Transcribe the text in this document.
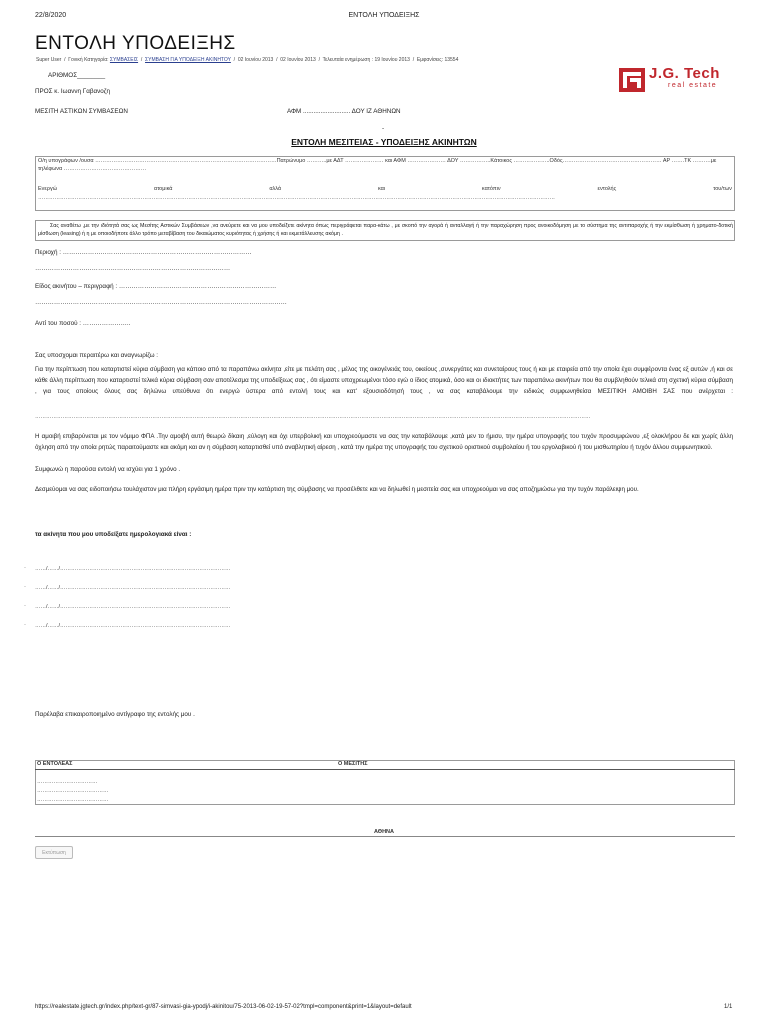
22/8/2020	ΕΝΤΟΛΗ ΥΠΟΔΕΙΞΗΣ
ΕΝΤΟΛΗ ΥΠΟΔΕΙΞΗΣ
Super User / Γονική Κατηγορία: ΣΥΜΒΑΣΕΙΣ / ΣΥΜΒΑΣΗ ΓΙΑ ΥΠΟΔΕΙΞΗ ΑΚΙΝΗΤΟΥ / 02 Ιουνίου 2013 / 02 Ιουνίου 2013 / Τελευταία ενημέρωση : 19 Ιουνίου 2013 / Εμφανίσεις: 13554
J.G. Tech
real estate
ΑΡΙΘΜΟΣ________
ΠΡΟΣ κ. Ιωαννη Γαβανοζη
ΜΕΣΙΤΗ ΑΣΤΙΚΩΝ ΣΥΜΒΑΣΕΩΝ	ΑΦΜ ........................... ΔΟΥ ΙΖ ΑΘΗΝΩΝ
-
ΕΝΤΟΛΗ ΜΕΣΙΤΕΙΑΣ - ΥΠΟΔΕΙΞΗΣ ΑΚΙΝΗΤΩΝ
Ο/η υπογράφων /ουσα ………………………………………………………………………………………Πατρώνυμο ………..με ΑΔΤ ………………… και ΑΦΜ ………………… ΔΟΥ ……………..Κάτοικος ………………..Οδός……………………………………………… ΑΡ …….ΤΚ ……….με
τηλέφωνα ………………………………………
Ενεργώ	ατομικά	αλλά	και	κατόπιν	εντολής	του/των
…………………………………………………………………………………………………………………………………………………………………………………………………………………………………………………………
Σας αναθέτω ,με την ιδιότητά σας ως Μεσίτης Αστικών Συμβάσεων ,να ανεύρετε και να μου υποδείξετε ακίνητα όπως περιγράφεται παρα-κάτω , με σκοπό την αγορά ή ανταλλαγή ή την παραχώρηση προς ανοικοδόμηση με το σύστημα της αντιπαροχής ή την εκμίσθωση ή χρηματο-δοτική μίσθωση (leasing) ή η με οποιοδήποτε άλλο τρόπο μεταβίβαση του δικαιώματος κυριότητας ή χρήσης ή και εκμετάλλευσης ακόμη .
Περιοχή : ………………………………………………………………………………
…………………………………………………………………………………
Είδος ακινήτου – περιγραφή : …………………………………………………………………
…………………………………………………………………………………………………………
Αντί του ποσού : …………………..
Σας υποσχομαι περαιτέρω και αναγνωρίζω :
Για την περίπτωση που καταρτιστεί κύρια σύμβαση για κάποιο από τα παραπάνω ακίνητα ,είτε με πελάτη σας , μέλος της οικογένειάς του, οικείους ,συνεργάτες και συνεταίρους τους ή και με εταιρεία από την οποία έχει συμφέροντα ένας εξ αυτών ,ή και σε κάθε άλλη περίπτωση που καταρτιστεί τελικά κύρια σύμβαση σαν αποτέλεσμα της υποδείξεως σας , ότι είμαστε υποχρεωμένοι τόσο εγώ ο ίδιος ατομικά, όσο και οι ιδιοκτήτες των παραπάνω ακινήτων που θα συμβληθούν τελικά στη σχετική κύρια σύμβαση , για τους οποίους όλους σας δηλώνω υπεύθυνα ότι ενεργώ ύστερα από εντολή τους και κατ' εξουσιοδότησή τους , να σας καταβάλουμε την ειδικώς συμφωνηθείσα ΜΕΣΙΤΙΚΗ ΑΜΟΙΒΗ ΣΑΣ που ανέρχεται :
……………………………………………………………………………………………………………………………………………………………………………………………………………………………………………………………………………
Η αμοιβή επιβαρύνεται με τον νόμιμο ΦΠΑ .Την αμοιβή αυτή θεωρώ δίκαιη ,εύλογη και όχι υπερβολική και υποχρεούμαστε να σας την καταβάλουμε ,κατά μεν το ήμισυ, την ημέρα υπογραφής του τυχόν προσυμφώνου ,εξ ολοκλήρου δε και χωρίς άλλη όχληση από την οποία ρητώς παραιτούμαστε και ακόμη και αν η σύμβαση καταρτισθεί υπό αναβλητική αίρεση , κατά την ημέρα της υπογραφής του σχετικού οριστικού συμβολαίου ή του εργολαβικού ή του μισθωτηρίου ή τυχόν άλλου συμφωνητικού.
Συμφωνώ η παρούσα εντολή να ισχύει για 1 χρόνο .
Δεσμεύομαι να σας ειδοποιήσω τουλάχιστον μια πλήρη εργάσιμη ημέρα πριν την κατάρτιση της σύμβασης να προσέλθετε και να δηλωθεί η μεσιτεία σας και υποχρεούμαι να σας αποζημιώσω για την τυχόν παράλειψη μου.
τα ακίνητα που μου υποδείξατε ημερολογιακά είναι :
· ……/……/…………………………………………………………………………………
· ……/……/…………………………………………………………………………………
· ……/……/…………………………………………………………………………………
· ……/……/…………………………………………………………………………………
Παρέλαβα επικαιροποιημένο αντίγραφο της εντολής μου .
Ο ΕΝΤΟΛΕΑΣ	Ο ΜΕΣΙΤΗΣ
……………………………
…………………………………
…………………………………
ΑΘΗΝΑ
Εκτύπωση
https://realestate.jgtech.gr/index.php/text-gr/87-simvasi-gia-ypodj/i-akinitou/75-2013-06-02-19-57-02?tmpl=component&print=1&layout=default	1/1
